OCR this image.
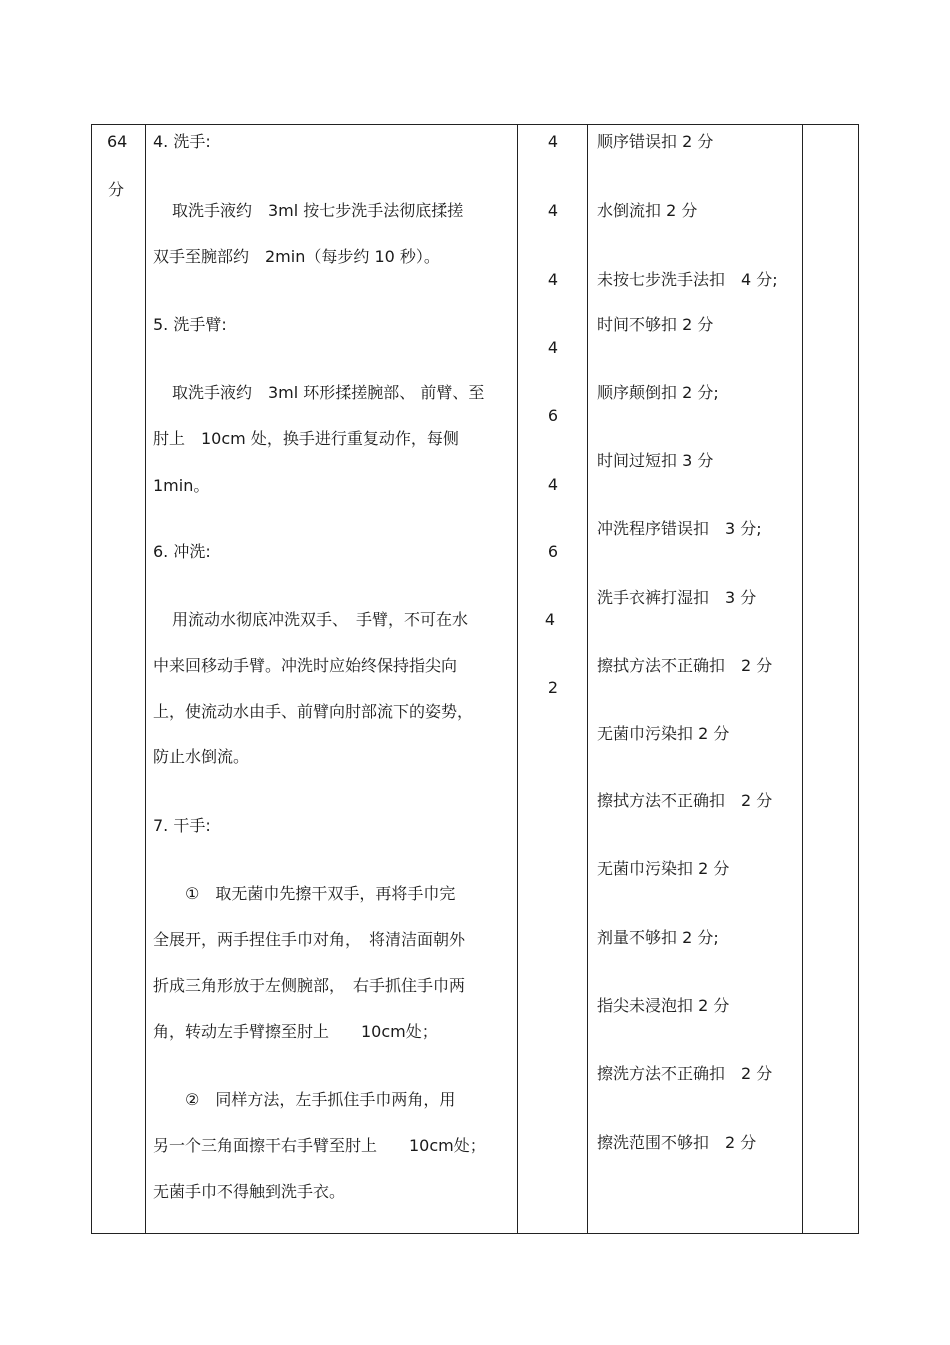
64
分
4. 洗手:
取洗手液约　3ml 按七步洗手法彻底揉搓
双手至腕部约　2min（每步约 10 秒）。
5. 洗手臂:
取洗手液约　3ml 环形揉搓腕部、 前臂、至
肘上　10cm 处，换手进行重复动作，每侧
1min。
6. 冲洗:
用流动水彻底冲洗双手、　手臂，不可在水
中来回移动手臂。冲洗时应始终保持指尖向
上，使流动水由手、前臂向肘部流下的姿势，
防止水倒流。
7. 干手:
①　取无菌巾先擦干双手，再将手巾完
全展开，两手捏住手巾对角，　将清洁面朝外
折成三角形放于左侧腕部，　右手抓住手巾两
角，转动左手臂擦至肘上　　10cm处；
②　同样方法，左手抓住手巾两角，用
另一个三角面擦干右手臂至肘上　　10cm处；
无菌手巾不得触到洗手衣。
4
4
4
4
6
4
6
4
2
顺序错误扣 2 分
水倒流扣 2 分
未按七步洗手法扣　4 分;
时间不够扣 2 分
顺序颠倒扣 2 分;
时间过短扣 3 分
冲洗程序错误扣　3 分;
洗手衣裤打湿扣　3 分
擦拭方法不正确扣　2 分
无菌巾污染扣 2 分
擦拭方法不正确扣　2 分
无菌巾污染扣 2 分
剂量不够扣 2 分;
指尖未浸泡扣 2 分
擦洗方法不正确扣　2 分
擦洗范围不够扣　2 分
